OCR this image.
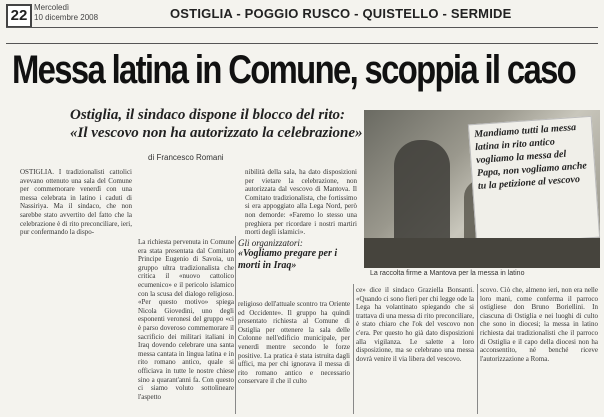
22 Mercoledì
10 dicembre 2008	OSTIGLIA - POGGIO RUSCO - QUISTELLO - SERMIDE
Messa latina in Comune, scoppia il caso
Ostiglia, il sindaco dispone il blocco del rito:
«Il vescovo non ha autorizzato la celebrazione»
di Francesco Romani
OSTIGLIA. I tradizionalisti cattolici avevano ottenuto una sala del Comune per commemorare venerdì con una messa celebrata in latino i caduti di Nassiriya. Ma il sindaco, che non sarebbe stato avvertito del fatto che la celebrazione è di rito preconciliare, ieri, pur confermando la dispo-
nibilità della sala, ha dato disposizioni per vietare la celebrazione, non autorizzata dal vescovo di Mantova. Il Comitato tradizionalista, che fortissimo si era appoggiato alla Lega Nord, però non demorde: «Faremo lo stesso una preghiera per ricordare i nostri martiri morti degli islamici».
La richiesta pervenuta in Comune era stata presentata dal Comitato Principe Eugenio di Savoia, un gruppo ultra tradizionalista che critica il «nuovo cattolico ecumenico» e il pericolo islamico con la scusa del dialogo religioso. «Per questo motivo» spiega Nicola Giovedini, uno degli esponenti veronesi del gruppo «ci è parso doveroso commemorare il sacrificio dei militari italiani in Iraq dovendo celebrare una santa messa cantata in lingua latina e in rito romano antico, quale si officiava in tutte le nostre chiese sino a quarant'anni fa. Con questo ci siamo voluto sottolineare l'aspetto
Gli organizzatori:
«Vogliamo pregare per i morti in Iraq»
religioso dell'attuale scontro tra Oriente ed Occidente». Il gruppo ha quindi presentato richiesta al Comune di Ostiglia per ottenere la sala delle Colonne nell'edificio municipale, per venerdì mentre secondo le forze positive. La pratica è stata istruita dagli uffici, ma per chi ignorava il messa di rito romano antico e necessario conservare il che il culto
ce» dice il sindaco Graziella Bonsanti. «Quando ci sono fieri per chi legge ode la Lega ha volantinato spiegando che si trattava di una messa di rito preconciliare, è stato chiaro che l'ok del vescovo non c'era. Per questo ho già dato disposizioni alla vigilanza. Le salette a loro disposizione, ma se celebrano una messa dovrà venire il via libera del vescovo.
scovo. Ciò che, almeno ieri, non era nelle loro mani, come conferma il parroco ostigliese don Bruno Boriellini. In ciascuna di Ostiglia e nei luoghi di culto che sono in diocesi; la messa in latino richiesta dai tradizionalisti che il parroco di Ostiglia e il capo della diocesi non ha acconsentito, né benché riceve l'autorizzazione a Roma.
Mandiamo tutti la messa latina in rito antico vogliamo la messa del Papa, non vogliamo anche tu la petizione al vescovo
La raccolta firme a Mantova per la messa in latino
